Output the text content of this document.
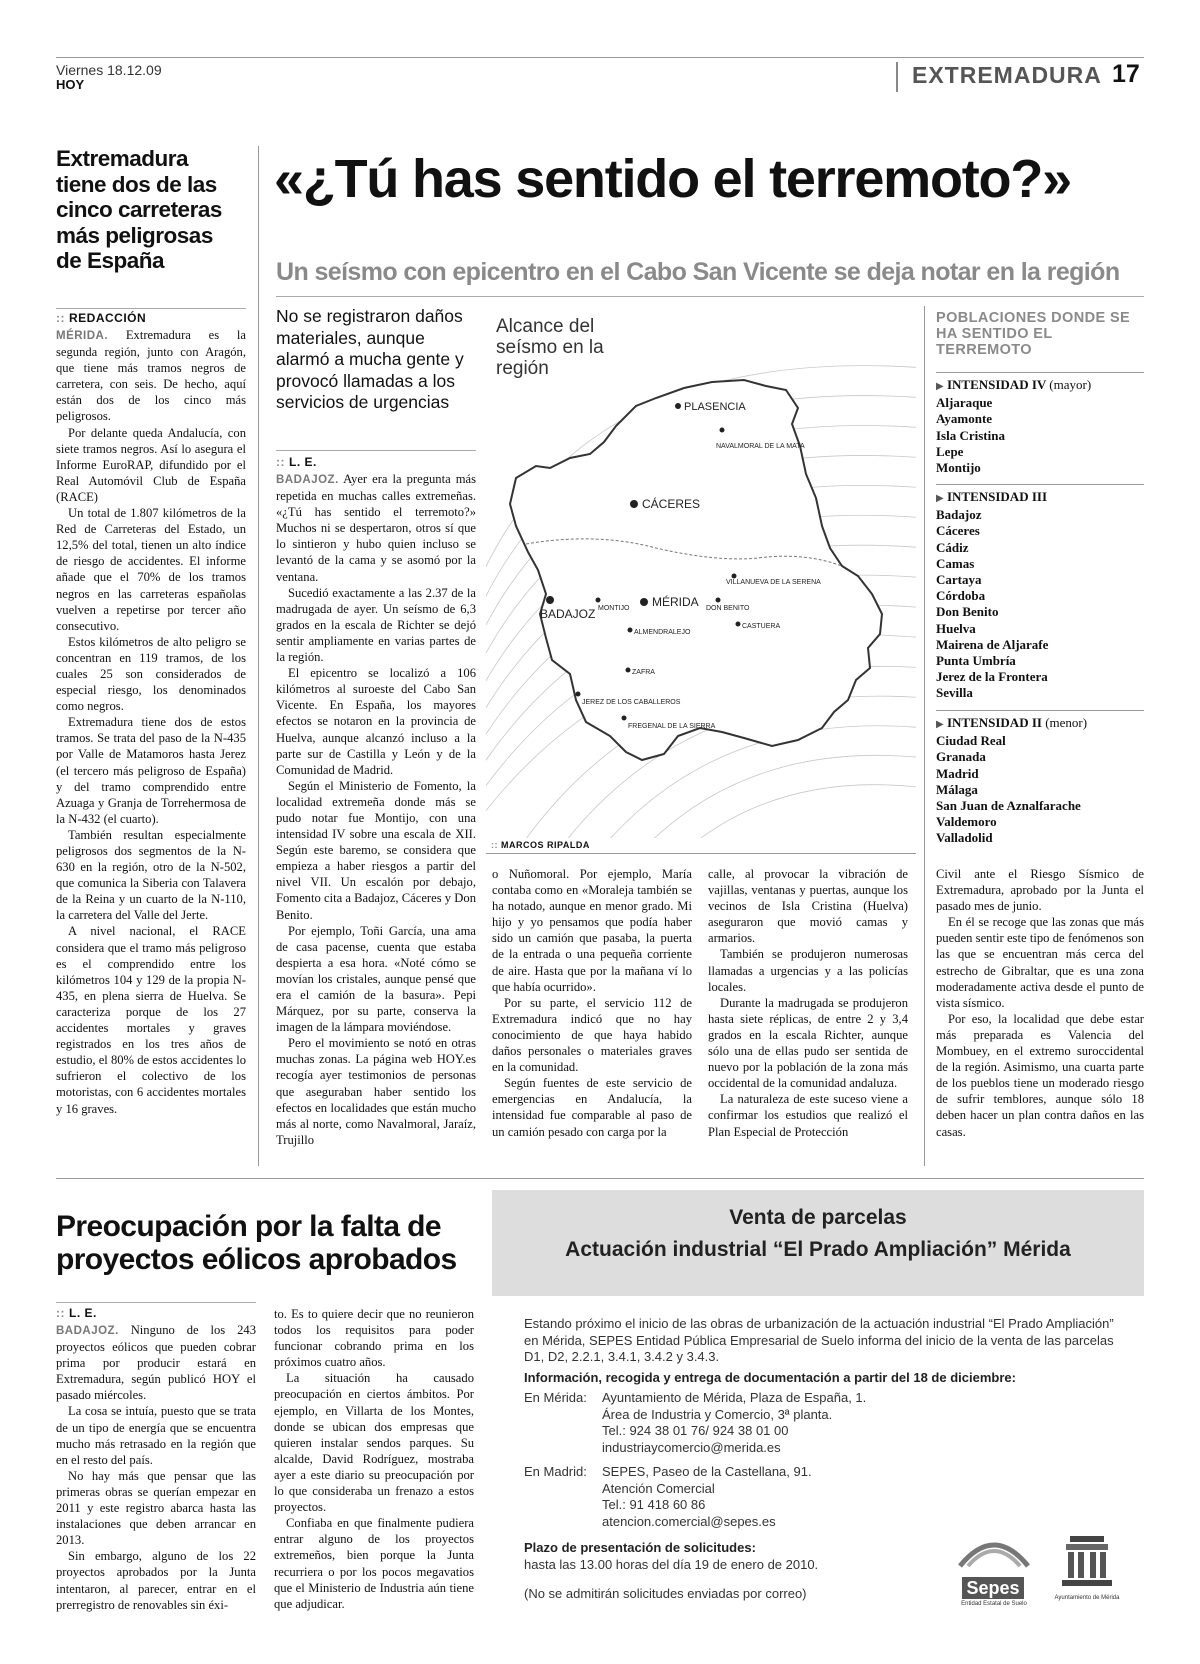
Viernes 18.12.09
HOY	EXTREMADURA 17
Extremadura tiene dos de las cinco carreteras más peligrosas de España
:: REDACCIÓN

MÉRIDA. Extremadura es la segunda región, junto con Aragón, que tiene más tramos negros de carretera, con seis. De hecho, aquí están dos de los cinco más peligrosos.

Por delante queda Andalucía, con siete tramos negros. Así lo asegura el Informe EuroRAP, difundido por el Real Automóvil Club de España (RACE)

Un total de 1.807 kilómetros de la Red de Carreteras del Estado, un 12,5% del total, tienen un alto índice de riesgo de accidentes. El informe añade que el 70% de los tramos negros en las carreteras españolas vuelven a repetirse por tercer año consecutivo.

Estos kilómetros de alto peligro se concentran en 119 tramos, de los cuales 25 son considerados de especial riesgo, los denominados como negros.

Extremadura tiene dos de estos tramos. Se trata del paso de la N-435 por Valle de Matamoros hasta Jerez (el tercero más peligroso de España) y del tramo comprendido entre Azuaga y Granja de Torrehermosa de la N-432 (el cuarto).

También resultan especialmente peligrosos dos segmentos de la N-630 en la región, otro de la N-502, que comunica la Siberia con Talavera de la Reina y un cuarto de la N-110, la carretera del Valle del Jerte.

A nivel nacional, el RACE considera que el tramo más peligroso es el comprendido entre los kilómetros 104 y 129 de la propia N-435, en plena sierra de Huelva. Se caracteriza porque de los 27 accidentes mortales y graves registrados en los tres años de estudio, el 80% de estos accidentes lo sufrieron el colectivo de los motoristas, con 6 accidentes mortales y 16 graves.

«¿Tú has sentido el terremoto?»
Un seísmo con epicentro en el Cabo San Vicente se deja notar en la región
No se registraron daños materiales, aunque alarmó a mucha gente y provocó llamadas a los servicios de urgencias
:: L. E.

BADAJOZ. Ayer era la pregunta más repetida en muchas calles extremeñas. «¿Tú has sentido el terremoto?» Muchos ni se despertaron, otros sí que lo sintieron y hubo quien incluso se levantó de la cama y se asomó por la ventana.

Sucedió exactamente a las 2.37 de la madrugada de ayer. Un seísmo de 6,3 grados en la escala de Richter se dejó sentir ampliamente en varias partes de la región.

El epicentro se localizó a 106 kilómetros al suroeste del Cabo San Vicente. En España, los mayores efectos se notaron en la provincia de Huelva, aunque alcanzó incluso a la parte sur de Castilla y León y de la Comunidad de Madrid.

Según el Ministerio de Fomento, la localidad extremeña donde más se pudo notar fue Montijo, con una intensidad IV sobre una escala de XII. Según este baremo, se considera que empieza a haber riesgos a partir del nivel VII. Un escalón por debajo, Fomento cita a Badajoz, Cáceres y Don Benito.

Por ejemplo, Toñi García, una ama de casa pacense, cuenta que estaba despierta a esa hora. «Noté cómo se movían los cristales, aunque pensé que era el camión de la basura». Pepi Márquez, por su parte, conserva la imagen de la lámpara moviéndose.

Pero el movimiento se notó en otras muchas zonas. La página web HOY.es recogía ayer testimonios de personas que aseguraban haber sentido los efectos en localidades que están mucho más al norte, como Navalmoral, Jaraíz, Trujillo

PLASENCIA
NAVALMORAL DE LA MATA
CÁCERES
VILLANUEVA DE LA SERENA
DON BENITO
MONTIJO MÉRIDA
BADAJOZ
ALMENDRALEJO
CASTUERA
ZAFRA
JEREZ DE LOS CABALLEROS
FREGENAL DE LA SIERRA
Alcance del seísmo en la región
:: MARCOS RIPALDA
POBLACIONES DONDE SE HA SENTIDO EL TERREMOTO
▶ INTENSIDAD IV (mayor)
Aljaraque
Ayamonte
Isla Cristina
Lepe
Montijo
▶ INTENSIDAD III
Badajoz
Cáceres
Cádiz
Camas
Cartaya
Córdoba
Don Benito
Huelva
Mairena de Aljarafe
Punta Umbría
Jerez de la Frontera
Sevilla
▶ INTENSIDAD II (menor)
Ciudad Real
Granada
Madrid
Málaga
San Juan de Aznalfarache
Valdemoro
Valladolid

o Nuñomoral. Por ejemplo, María contaba como en «Moraleja también se ha notado, aunque en menor grado. Mi hijo y yo pensamos que podía haber sido un camión que pasaba, la puerta de la entrada o una pequeña corriente de aire. Hasta que por la mañana ví lo que había ocurrido».

Por su parte, el servicio 112 de Extremadura indicó que no hay conocimiento de que haya habido daños personales o materiales graves en la comunidad.

Según fuentes de este servicio de emergencias en Andalucía, la intensidad fue comparable al paso de un camión pesado con carga por la

calle, al provocar la vibración de vajillas, ventanas y puertas, aunque los vecinos de Isla Cristina (Huelva) aseguraron que movió camas y armarios.

También se produjeron numerosas llamadas a urgencias y a las policías locales.

Durante la madrugada se produjeron hasta siete réplicas, de entre 2 y 3,4 grados en la escala Richter, aunque sólo una de ellas pudo ser sentida de nuevo por la población de la zona más occidental de la comunidad andaluza.

La naturaleza de este suceso viene a confirmar los estudios que realizó el Plan Especial de Protección

Civil ante el Riesgo Sísmico de Extremadura, aprobado por la Junta el pasado mes de junio.

En él se recoge que las zonas que más pueden sentir este tipo de fenómenos son las que se encuentran más cerca del estrecho de Gibraltar, que es una zona moderadamente activa desde el punto de vista sísmico.

Por eso, la localidad que debe estar más preparada es Valencia del Mombuey, en el extremo suroccidental de la región. Asimismo, una cuarta parte de los pueblos tiene un moderado riesgo de sufrir temblores, aunque sólo 18 deben hacer un plan contra daños en las casas.

Preocupación por la falta de proyectos eólicos aprobados
:: L. E.

BADAJOZ. Ninguno de los 243 proyectos eólicos que pueden cobrar prima por producir estará en Extremadura, según publicó HOY el pasado miércoles.

La cosa se intuía, puesto que se trata de un tipo de energía que se encuentra mucho más retrasado en la región que en el resto del país.

No hay más que pensar que las primeras obras se querían empezar en 2011 y este registro abarca hasta las instalaciones que deben arrancar en 2013.

Sin embargo, alguno de los 22 proyectos aprobados por la Junta intentaron, al parecer, entrar en el prerregistro de renovables sin éxi-

to. Es to quiere decir que no reunieron todos los requisitos para poder funcionar cobrando prima en los próximos cuatro años.

La situación ha causado preocupación en ciertos ámbitos. Por ejemplo, en Villarta de los Montes, donde se ubican dos empresas que quieren instalar sendos parques. Su alcalde, David Rodríguez, mostraba ayer a este diario su preocupación por lo que consideraba un frenazo a estos proyectos.

Confiaba en que finalmente pudiera entrar alguno de los proyectos extremeños, bien porque la Junta recurriera o por los pocos megavatios que el Ministerio de Industria aún tiene que adjudicar.

Venta de parcelas
Actuación industrial “El Prado Ampliación” Mérida
Estando próximo el inicio de las obras de urbanización de la actuación industrial “El Prado Ampliación” en Mérida, SEPES Entidad Pública Empresarial de Suelo informa del inicio de la venta de las parcelas D1, D2, 2.2.1, 3.4.1, 3.4.2 y 3.4.3.
Información, recogida y entrega de documentación a partir del 18 de diciembre:
En Mérida:	Ayuntamiento de Mérida, Plaza de España, 1.
Área de Industria y Comercio, 3ª planta.
Tel.: 924 38 01 76/ 924 38 01 00
industriaycomercio@merida.es
En Madrid:	SEPES, Paseo de la Castellana, 91.
Atención Comercial
Tel.: 91 418 60 86
atencion.comercial@sepes.es
Plazo de presentación de solicitudes:
hasta las 13.00 horas del día 19 de enero de 2010.
(No se admitirán solicitudes enviadas por correo)	Sepes
Entidad Estatal de Suelo
Ayuntamiento de Mérida
